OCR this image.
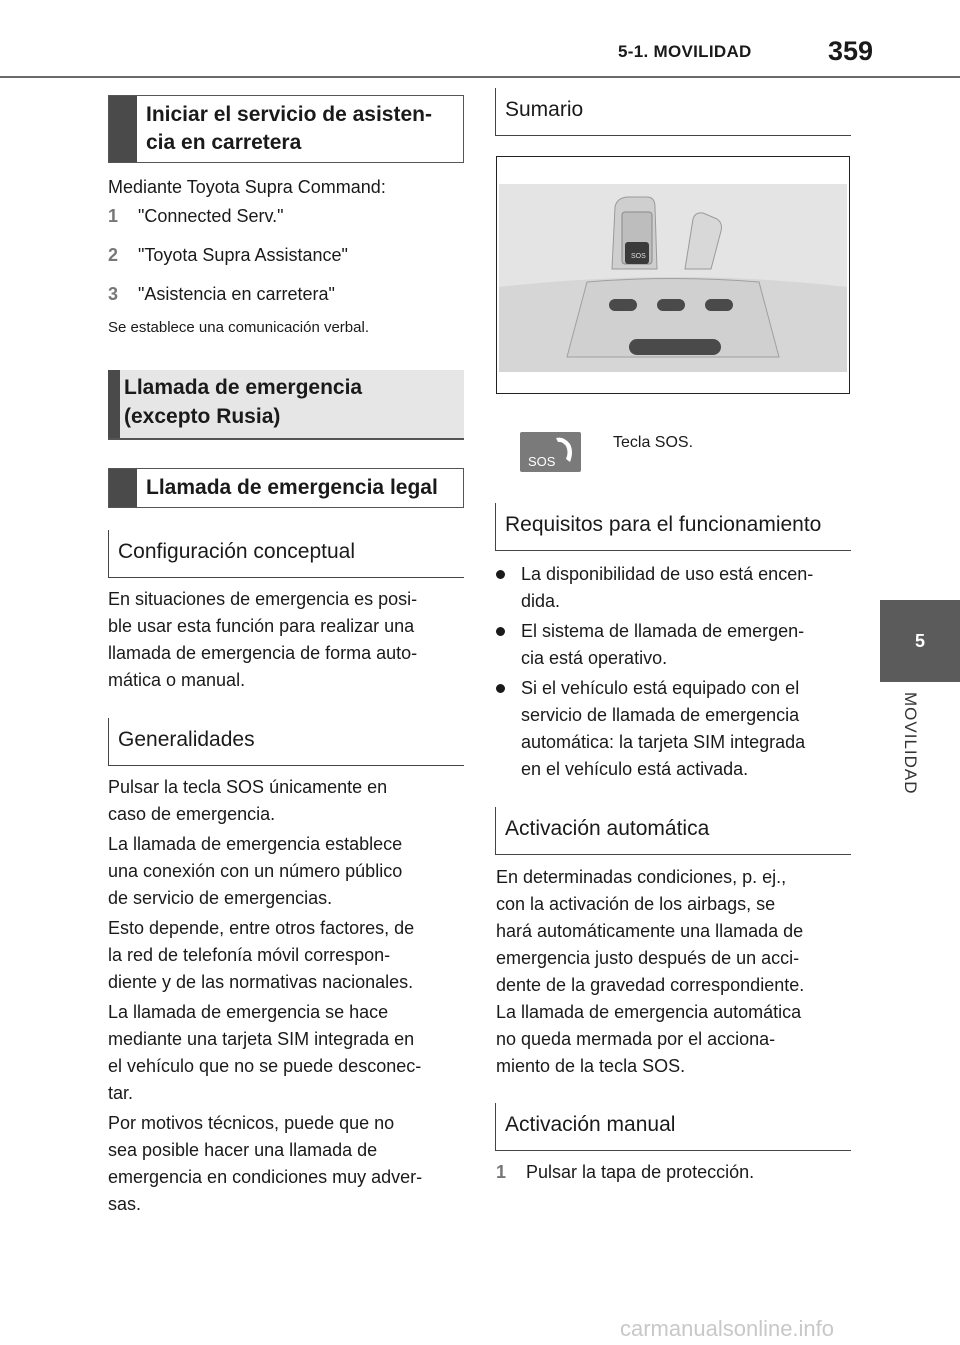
5-1. MOVILIDAD	359
5
MOVILIDAD
Iniciar el servicio de asisten-
cia en carretera
Mediante Toyota Supra Command:
1 "Connected Serv."
2 "Toyota Supra Assistance"
3 "Asistencia en carretera"
Se establece una comunicación verbal.
Llamada de emergencia
(excepto Rusia)
Llamada de emergencia legal
Configuración conceptual
En situaciones de emergencia es posi-
ble usar esta función para realizar una
llamada de emergencia de forma auto-
mática o manual.
Generalidades
Pulsar la tecla SOS únicamente en
caso de emergencia.
La llamada de emergencia establece
una conexión con un número público
de servicio de emergencias.
Esto depende, entre otros factores, de
la red de telefonía móvil correspon-
diente y de las normativas nacionales.
La llamada de emergencia se hace
mediante una tarjeta SIM integrada en
el vehículo que no se puede desconec-
tar.
Por motivos técnicos, puede que no
sea posible hacer una llamada de
emergencia en condiciones muy adver-
sas.
Sumario
SOS
SOS
Tecla SOS.
Requisitos para el funcionamiento
La disponibilidad de uso está encen-
dida.
El sistema de llamada de emergen-
cia está operativo.
Si el vehículo está equipado con el
servicio de llamada de emergencia
automática: la tarjeta SIM integrada
en el vehículo está activada.
Activación automática
En determinadas condiciones, p. ej.,
con la activación de los airbags, se
hará automáticamente una llamada de
emergencia justo después de un acci-
dente de la gravedad correspondiente.
La llamada de emergencia automática
no queda mermada por el acciona-
miento de la tecla SOS.
Activación manual
1 Pulsar la tapa de protección.
carmanualsonline.info
